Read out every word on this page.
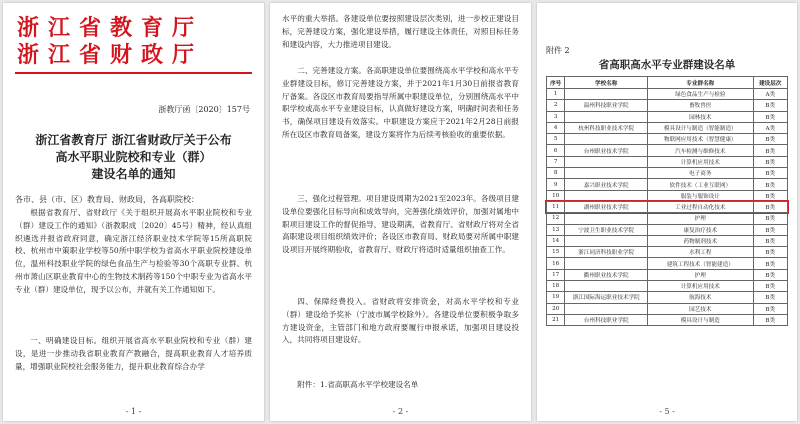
浙江省教育厅
浙江省财政厅
浙教厅函〔2020〕157号
浙江省教育厅 浙江省财政厅关于公布
高水平职业院校和专业（群）
建设名单的通知
各市、县（市、区）教育局、财政局，各高职院校：

根据省教育厅、省财政厅《关于组织开展高水平职业院校和专业（群）建设工作的通知》（浙教职成〔2020〕45号）精神，经认真组织遴选并报省政府同意，确定浙江经济职业技术学院等15所高职院校、杭州市中策职业学校等50所中职学校为省高水平职业院校建设单位，温州科技职业学院的绿色食品生产与检验等30个高职专业群、杭州市萧山区职业教育中心的生物技术制药等150个中职专业为省高水平专业（群）建设单位，现予以公布，并就有关工作通知如下。

一、明确建设目标。组织开展省高水平职业院校和专业（群）建设，是进一步推动我省职业教育产教融合，提高职业教育人才培养质量，增强职业院校社会服务能力，提升职业教育综合办学

- 1 -

水平的重大举措。各建设单位要按照建设层次类别，进一步校正建设目标，完善建设方案，强化建设举措，履行建设主体责任，对照目标任务和建设内容，大力推进项目建设。

二、完善建设方案。各高职建设单位要围绕高水平学校和高水平专业群建设目标，修订完善建设方案，并于2021年1月30日前报省教育厅备案。各设区市教育局要指导所属中职建设单位，分别围绕高水平中职学校或高水平专业建设目标，认真做好建设方案，明确时间表和任务书，确保项目建设有效落实。中职建设方案应于2021年2月28日前报所在设区市教育局备案，建设方案将作为后续考核验收的重要依据。

三、强化过程管理。项目建设周期为2021至2023年。各级项目建设单位要强化目标导向和成效导向，完善强化绩效评价，加强对属地中职项目建设工作的督促指导，建设期满，省教育厅、省财政厅将对全省高职建设项目组织绩效评价；各设区市教育局、财政局要对所属中职建设项目开展终期验收，省教育厅、财政厅将适时适量组织抽查工作。

四、保障经费投入。省财政将安排资金，对高水平学校和专业（群）建设给予奖补（宁波市属学校除外）。各建设单位要积极争取多方建设资金，主管部门和地方政府要履行申报承诺，加强项目建设投入，共同将项目建设好。

附件：1.省高职高水平学校建设名单

- 2 -
附件 2
省高职高水平专业群建设名单
序号	学校名称	专业群名称	建设层次
1		绿色食品生产与检验	A类
2	温州科技职业学院	畜牧兽医	B类
3		园林技术	B类
4	杭州科技职业技术学院	模具设计与制造（智能制造）	A类
5		物联网应用技术（智慧健康）	B类
6	台州职业技术学院	汽车检测与维修技术	B类
7		计算机应用技术	B类
8		电子商务	B类
9	嘉兴职业技术学院	软件技术（工业互联网）	B类
10		服装与服饰设计	B类
11	湖州职业技术学院	工业过程自动化技术	B类
12		护理	B类
13	宁波卫生职业技术学院	康复治疗技术	B类
14		药物制剂技术	B类
15	浙江同济科技职业学院	水利工程	B类
16		建筑工程技术（智能建造）	B类
17	衢州职业技术学院	护理	B类
18		计算机应用技术	B类
19	浙江国际海运职业技术学院	航海技术	B类
20		园艺技术	B类
21	台州科技职业学院	模具设计与制造	B类
- 5 -
